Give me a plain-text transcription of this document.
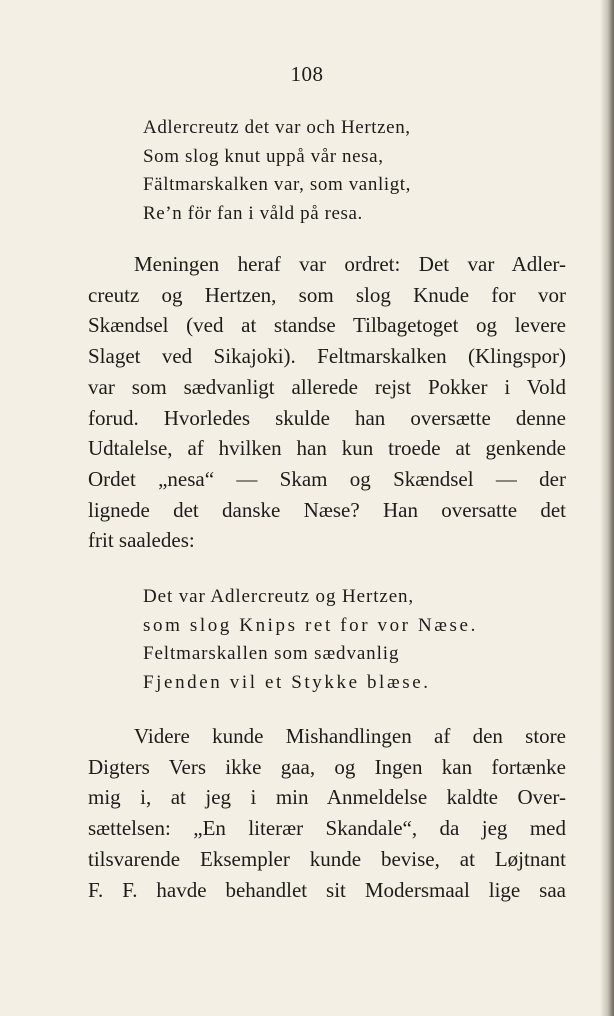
108
Adlercreutz det var och Hertzen,
Som slog knut uppå vår nesa,
Fältmarskalken var, som vanligt,
Re’n för fan i våld på resa.
Meningen heraf var ordret: Det var Adler-
creutz og Hertzen, som slog Knude for vor
Skændsel (ved at standse Tilbagetoget og levere
Slaget ved Sikajoki). Feltmarskalken (Klingspor)
var som sædvanligt allerede rejst Pokker i Vold
forud. Hvorledes skulde han oversætte denne
Udtalelse, af hvilken han kun troede at genkende
Ordet „nesa“ — Skam og Skændsel — der
lignede det danske Næse? Han oversatte det
frit saaledes:
Det var Adlercreutz og Hertzen,
som slog Knips ret for vor Næse.
Feltmarskallen som sædvanlig
Fjenden vil et Stykke blæse.
Videre kunde Mishandlingen af den store
Digters Vers ikke gaa, og Ingen kan fortænke
mig i, at jeg i min Anmeldelse kaldte Over-
sættelsen: „En literær Skandale“, da jeg med
tilsvarende Eksempler kunde bevise, at Løjtnant
F. F. havde behandlet sit Modersmaal lige saa
